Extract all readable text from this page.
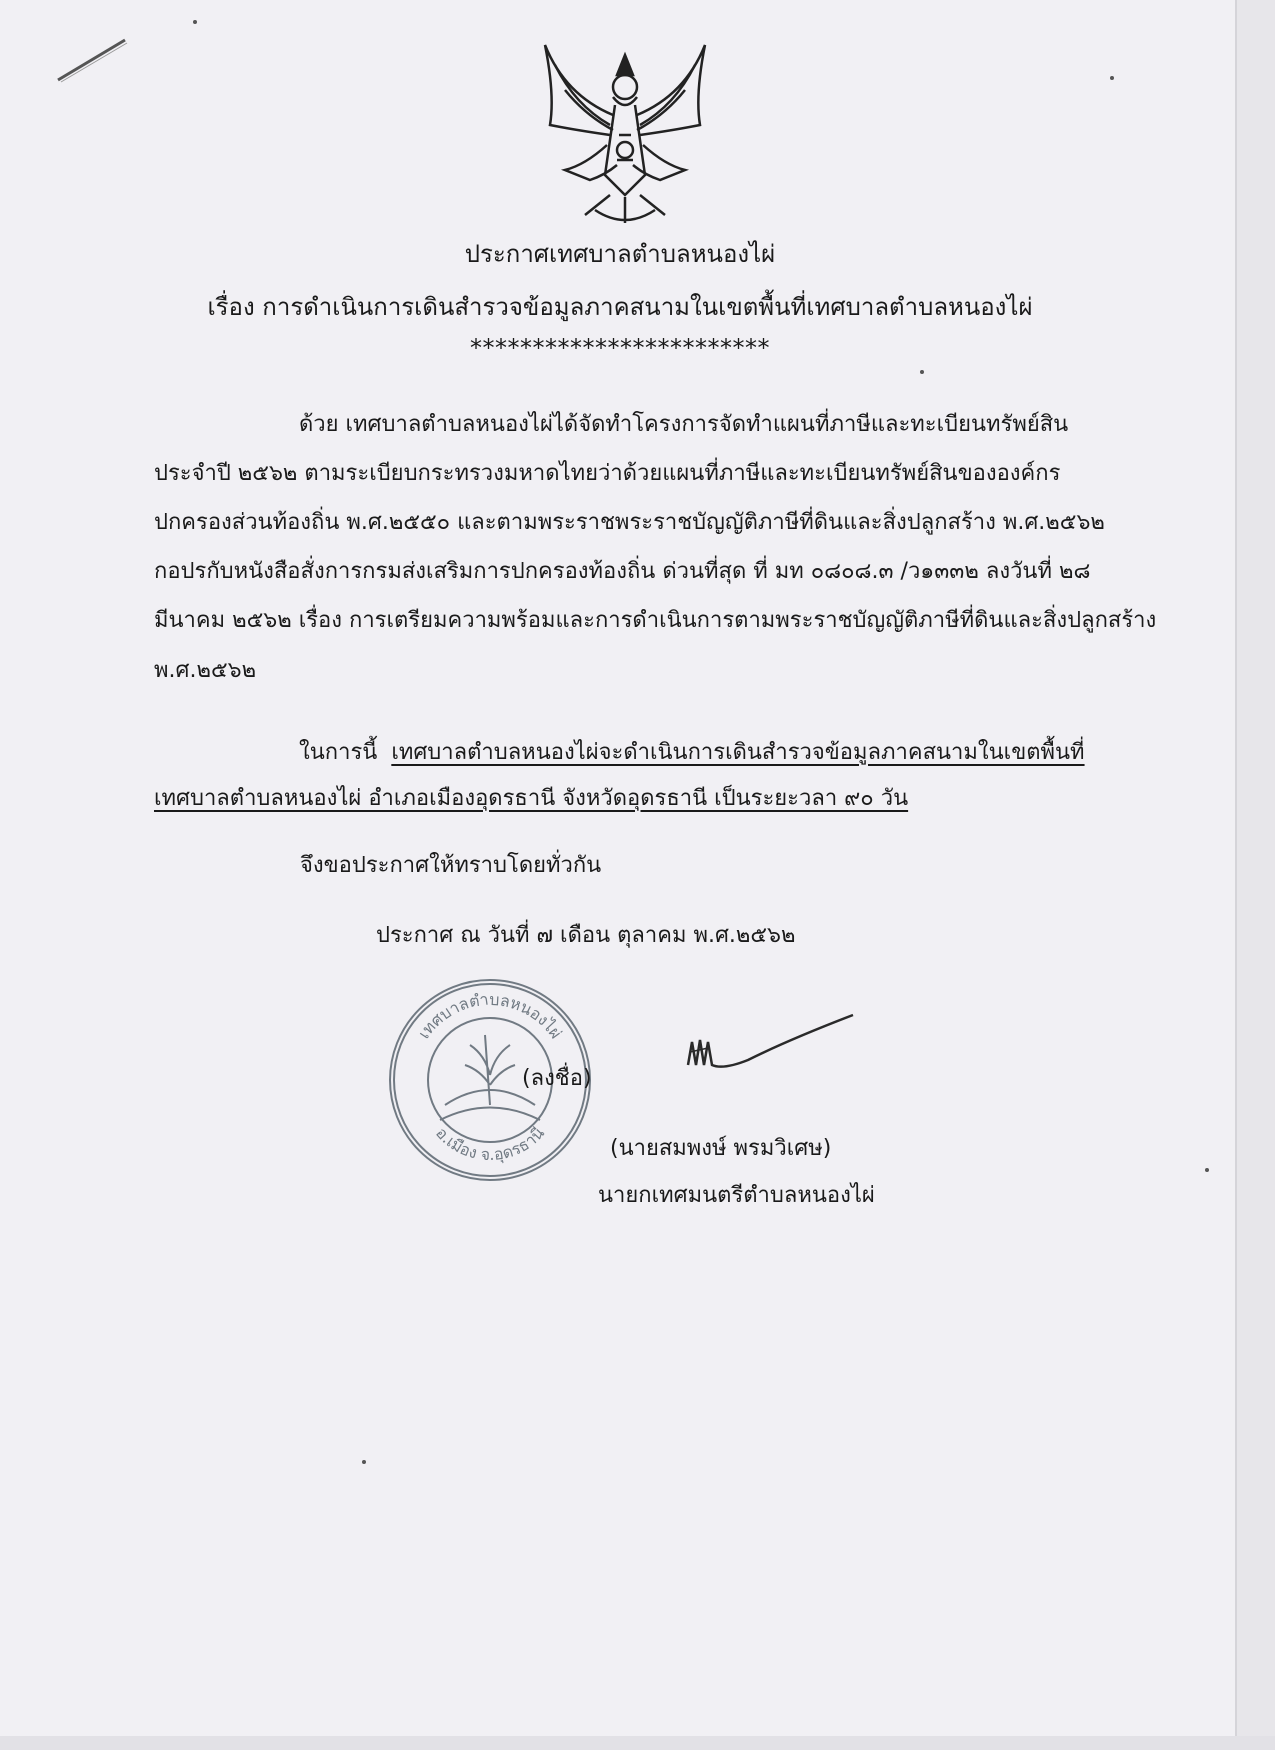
ประกาศเทศบาลตำบลหนองไผ่
เรื่อง การดำเนินการเดินสำรวจข้อมูลภาคสนามในเขตพื้นที่เทศบาลตำบลหนองไผ่
************************
ด้วย เทศบาลตำบลหนองไผ่ได้จัดทำโครงการจัดทำแผนที่ภาษีและทะเบียนทรัพย์สิน
ประจำปี ๒๕๖๒ ตามระเบียบกระทรวงมหาดไทยว่าด้วยแผนที่ภาษีและทะเบียนทรัพย์สินขององค์กร
ปกครองส่วนท้องถิ่น พ.ศ.๒๕๕๐ และตามพระราชพระราชบัญญัติภาษีที่ดินและสิ่งปลูกสร้าง พ.ศ.๒๕๖๒
กอปรกับหนังสือสั่งการกรมส่งเสริมการปกครองท้องถิ่น ด่วนที่สุด ที่ มท ๐๘๐๘.๓ /ว๑๓๓๒ ลงวันที่ ๒๘
มีนาคม ๒๕๖๒ เรื่อง การเตรียมความพร้อมและการดำเนินการตามพระราชบัญญัติภาษีที่ดินและสิ่งปลูกสร้าง
พ.ศ.๒๕๖๒
ในการนี้ เทศบาลตำบลหนองไผ่จะดำเนินการเดินสำรวจข้อมูลภาคสนามในเขตพื้นที่
เทศบาลตำบลหนองไผ่ อำเภอเมืองอุดรธานี จังหวัดอุดรธานี เป็นระยะวลา ๙๐ วัน
จึงขอประกาศให้ทราบโดยทั่วกัน
ประกาศ ณ วันที่ ๗ เดือน ตุลาคม พ.ศ.๒๕๖๒
เทศบาลตำบลหนองไผ่
อ.เมือง จ.อุดรธานี
(ลงชื่อ)
(นายสมพงษ์ พรมวิเศษ)
นายกเทศมนตรีตำบลหนองไผ่
